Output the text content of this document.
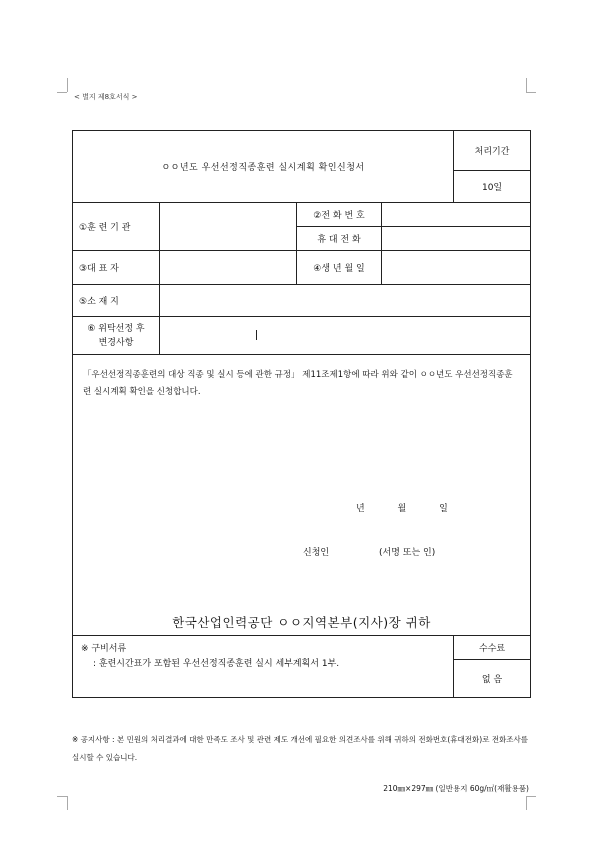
< 별지 제8호서식 >
ㅇㅇ년도 우선선정직종훈련 실시계획 확인신청서				처리기간
				10일
①훈 련 기 관		②전 화 번 호		
		휴 대 전 화		
③대 표 자		④생 년 월 일		
⑤소 재 지				

⑥ 위탁선정 후
변경사항				

「우선선정직종훈련의 대상 직종 및 실시 등에 관한 규정」 제11조제1항에 따라 위와 같이 ㅇㅇ년도 우선선정직종훈련 실시계획 확인을 신청합니다.
년 월 일
신청인 (서명 또는 인)
한국산업인력공단 ㅇㅇ지역본부(지사)장 귀하				

※ 구비서류
: 훈련시간표가 포함된 우선선정직종훈련 실시 세부계획서 1부.				수수료
				없 음
※ 공지사항 : 본 민원의 처리결과에 대한 만족도 조사 및 관련 제도 개선에 필요한 의견조사를 위해 귀하의 전화번호(휴대전화)로 전화조사를 실시할 수 있습니다.
210㎜×297㎜ (일반용지 60g/㎡(재활용품)
